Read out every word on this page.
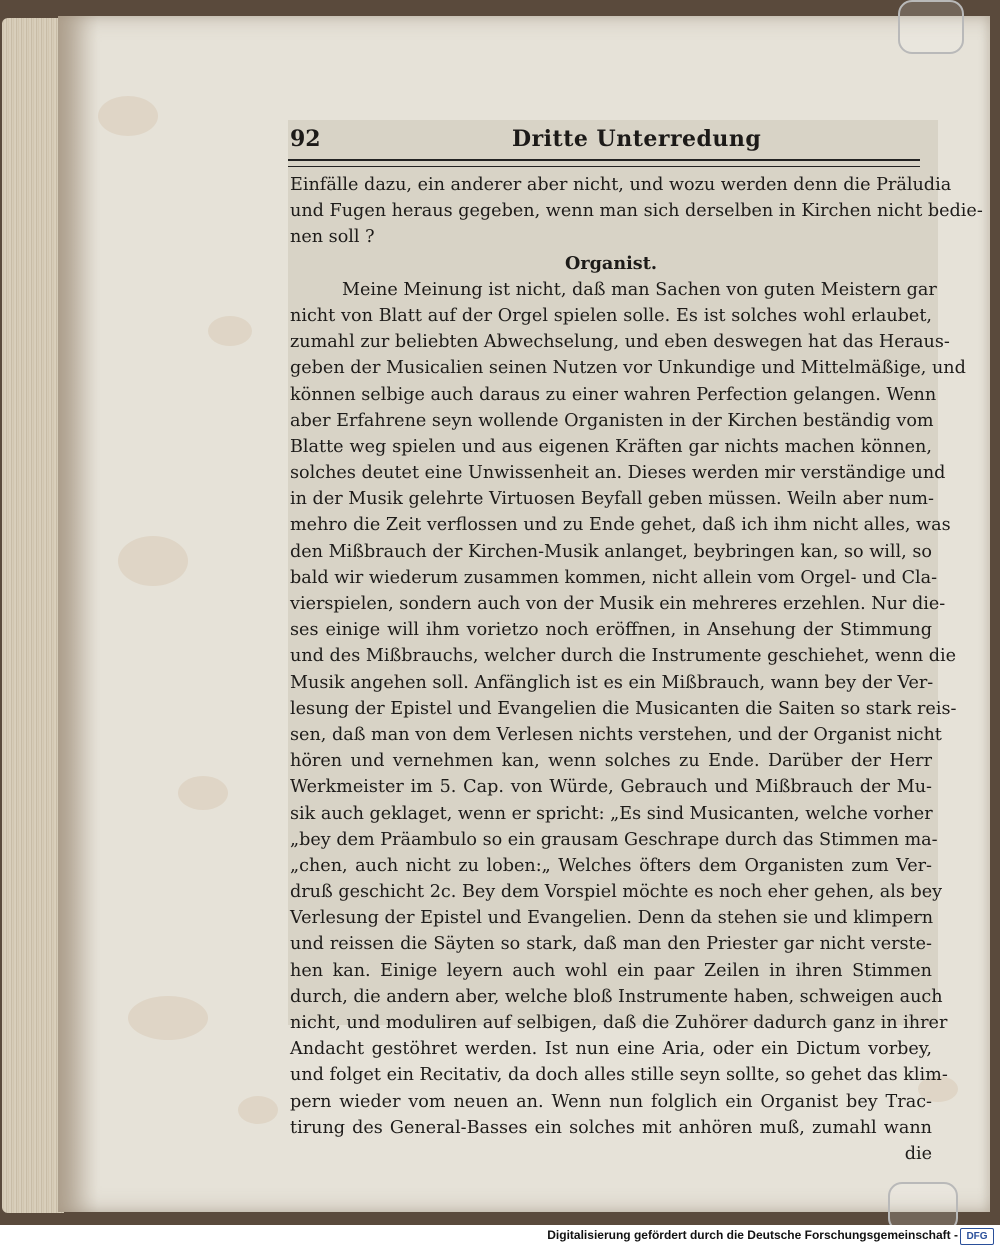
92	Dritte Unterredung
Einfälle dazu, ein anderer aber nicht, und wozu werden denn die Präludia
und Fugen heraus gegeben, wenn man sich derselben in Kirchen nicht bedie-
nen soll ?
Organist.
Meine Meinung ist nicht, daß man Sachen von guten Meistern gar
nicht von Blatt auf der Orgel spielen solle. Es ist solches wohl erlaubet,
zumahl zur beliebten Abwechselung, und eben deswegen hat das Heraus-
geben der Musicalien seinen Nutzen vor Unkundige und Mittelmäßige, und
können selbige auch daraus zu einer wahren Perfection gelangen. Wenn
aber Erfahrene seyn wollende Organisten in der Kirchen beständig vom
Blatte weg spielen und aus eigenen Kräften gar nichts machen können,
solches deutet eine Unwissenheit an. Dieses werden mir verständige und
in der Musik gelehrte Virtuosen Beyfall geben müssen. Weiln aber num-
mehro die Zeit verflossen und zu Ende gehet, daß ich ihm nicht alles, was
den Mißbrauch der Kirchen-Musik anlanget, beybringen kan, so will, so
bald wir wiederum zusammen kommen, nicht allein vom Orgel- und Cla-
vierspielen, sondern auch von der Musik ein mehreres erzehlen. Nur die-
ses einige will ihm vorietzo noch eröffnen, in Ansehung der Stimmung
und des Mißbrauchs, welcher durch die Instrumente geschiehet, wenn die
Musik angehen soll. Anfänglich ist es ein Mißbrauch, wann bey der Ver-
lesung der Epistel und Evangelien die Musicanten die Saiten so stark reis-
sen, daß man von dem Verlesen nichts verstehen, und der Organist nicht
hören und vernehmen kan, wenn solches zu Ende. Darüber der Herr
Werkmeister im 5. Cap. von Würde, Gebrauch und Mißbrauch der Mu-
sik auch geklaget, wenn er spricht: „Es sind Musicanten, welche vorher
„bey dem Präambulo so ein grausam Geschrape durch das Stimmen ma-
„chen, auch nicht zu loben:„ Welches öfters dem Organisten zum Ver-
druß geschicht 2c. Bey dem Vorspiel möchte es noch eher gehen, als bey
Verlesung der Epistel und Evangelien. Denn da stehen sie und klimpern
und reissen die Säyten so stark, daß man den Priester gar nicht verste-
hen kan. Einige leyern auch wohl ein paar Zeilen in ihren Stimmen
durch, die andern aber, welche bloß Instrumente haben, schweigen auch
nicht, und moduliren auf selbigen, daß die Zuhörer dadurch ganz in ihrer
Andacht gestöhret werden. Ist nun eine Aria, oder ein Dictum vorbey,
und folget ein Recitativ, da doch alles stille seyn sollte, so gehet das klim-
pern wieder vom neuen an. Wenn nun folglich ein Organist bey Trac-
tirung des General-Basses ein solches mit anhören muß, zumahl wann
die
Digitalisierung gefördert durch die Deutsche Forschungsgemeinschaft - DFG
